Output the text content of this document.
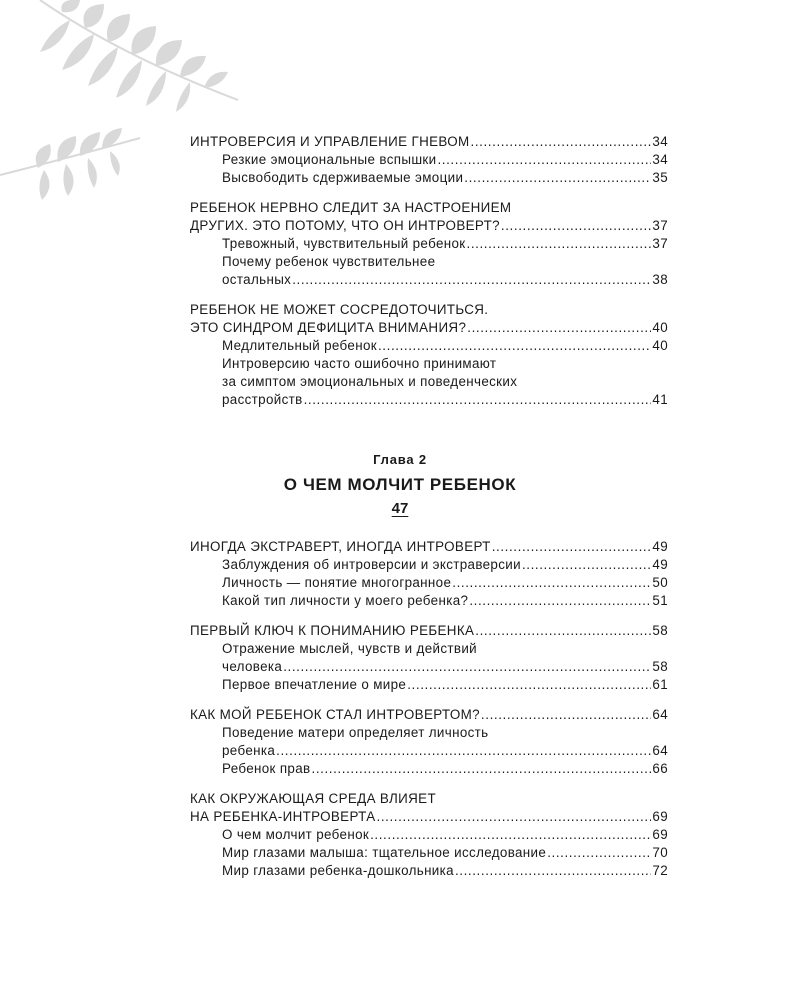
ИНТРОВЕРСИЯ И УПРАВЛЕНИЕ ГНЕВОМ .....	34
Резкие эмоциональные вспышки .....	34
Высвободить сдерживаемые эмоции .....	35
РЕБЕНОК НЕРВНО СЛЕДИТ ЗА НАСТРОЕНИЕМ
ДРУГИХ. ЭТО ПОТОМУ, ЧТО ОН ИНТРОВЕРТ? .....	37
Тревожный, чувствительный ребенок .....	37
Почему ребенок чувствительнее
остальных .....	38
РЕБЕНОК НЕ МОЖЕТ СОСРЕДОТОЧИТЬСЯ.
ЭТО СИНДРОМ ДЕФИЦИТА ВНИМАНИЯ? .....	40
Медлительный ребенок .....	40
Интроверсию часто ошибочно принимают
за симптом эмоциональных и поведенческих
расстройств .....	41
Глава 2
О ЧЕМ МОЛЧИТ РЕБЕНОК
47
ИНОГДА ЭКСТРАВЕРТ, ИНОГДА ИНТРОВЕРТ .....	49
Заблуждения об интроверсии и экстраверсии .....	49
Личность — понятие многогранное .....	50
Какой тип личности у моего ребенка? .....	51
ПЕРВЫЙ КЛЮЧ К ПОНИМАНИЮ РЕБЕНКА .....	58
Отражение мыслей, чувств и действий
человека .....	58
Первое впечатление о мире .....	61
КАК МОЙ РЕБЕНОК СТАЛ ИНТРОВЕРТОМ? .....	64
Поведение матери определяет личность
ребенка .....	64
Ребенок прав .....	66
КАК ОКРУЖАЮЩАЯ СРЕДА ВЛИЯЕТ
НА РЕБЕНКА-ИНТРОВЕРТА .....	69
О чем молчит ребенок .....	69
Мир глазами малыша: тщательное исследование .....	70
Мир глазами ребенка-дошкольника .....	72
